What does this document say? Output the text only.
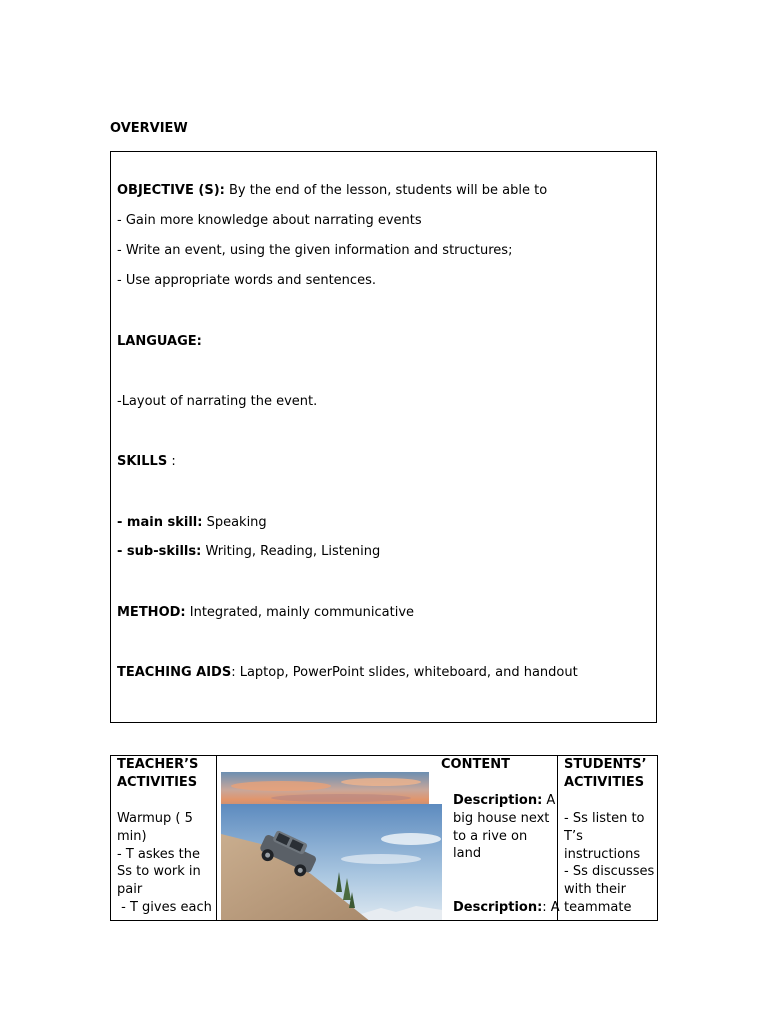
OVERVIEW
OBJECTIVE (S): By the end of the lesson, students will be able to
- Gain more knowledge about narrating events
- Write an event, using the given information and structures;
- Use appropriate words and sentences.
LANGUAGE:
-Layout of narrating the event.
SKILLS :
- main skill: Speaking
- sub-skills: Writing, Reading, Listening
METHOD: Integrated, mainly communicative
TEACHING AIDS: Laptop, PowerPoint slides, whiteboard, and handout
TEACHER’S
ACTIVITIES
Warmup ( 5
min)
- T askes the
Ss to work in
pair
- T gives each
CONTENT
Description: A
big house next
to a rive on
land
Description:: A
STUDENTS’
ACTIVITIES
- Ss listen to
T’s
instructions
- Ss discusses
with their
teammate
